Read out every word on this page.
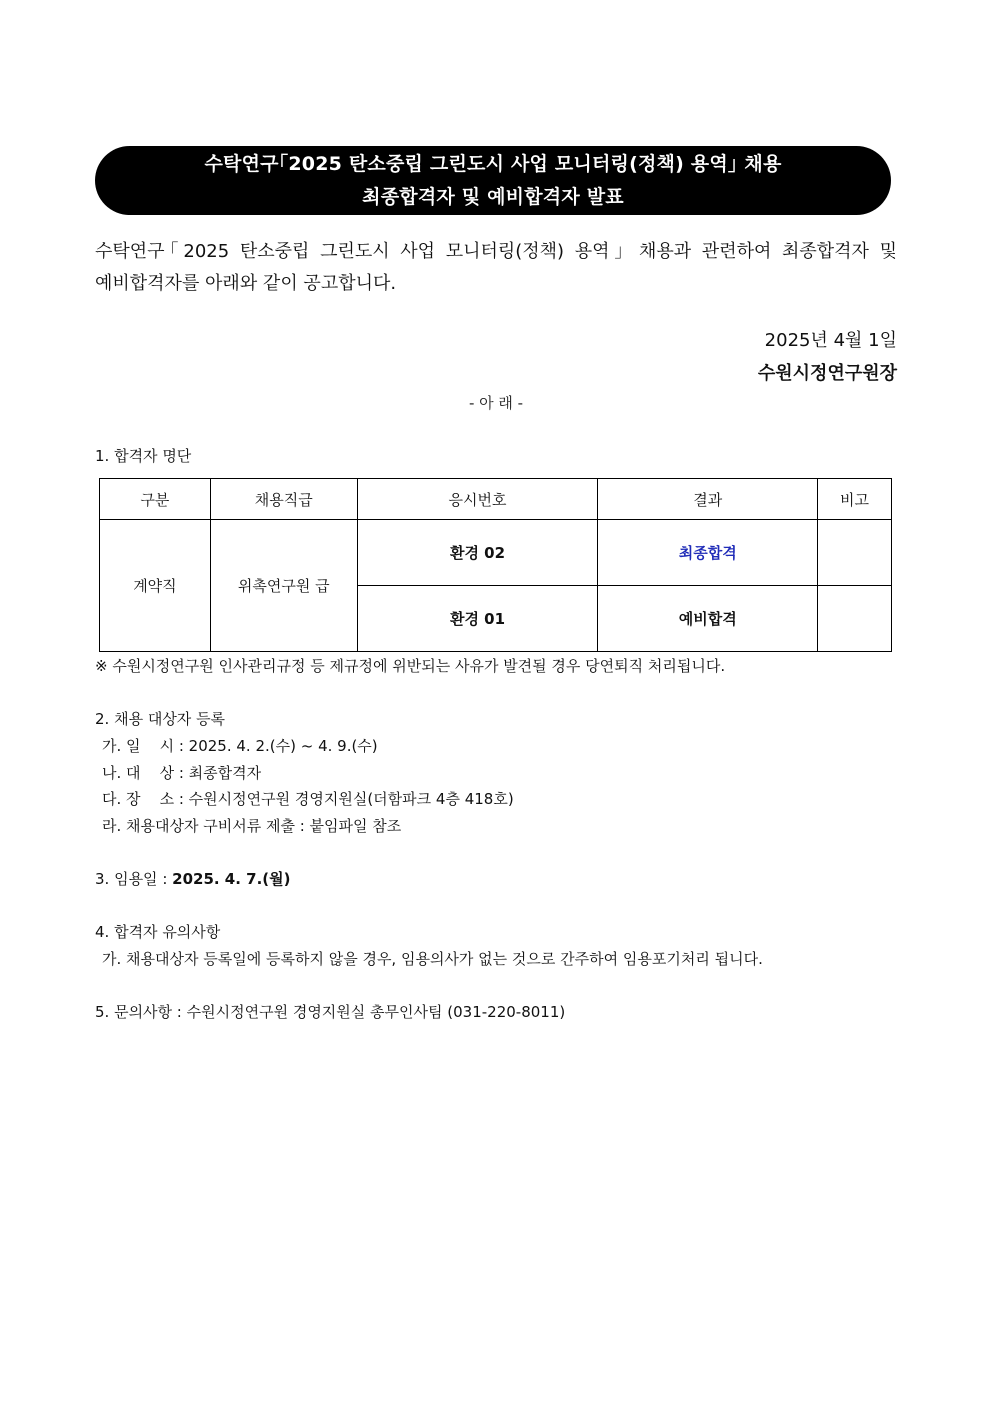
수탁연구｢2025 탄소중립 그린도시 사업 모니터링(정책) 용역｣ 채용
최종합격자 및 예비합격자 발표
수탁연구｢2025 탄소중립 그린도시 사업 모니터링(정책) 용역｣ 채용과 관련하여 최종합격자 및
예비합격자를 아래와 같이 공고합니다.
2025년 4월 1일
수원시정연구원장
- 아 래 -
1. 합격자 명단
구분	채용직급	응시번호	결과	비고
계약직	위촉연구원 급	환경 02	최종합격	
		환경 01	예비합격	
※ 수원시정연구원 인사관리규정 등 제규정에 위반되는 사유가 발견될 경우 당연퇴직 처리됩니다.
2. 채용 대상자 등록
가. 일    시 : 2025. 4. 2.(수) ~ 4. 9.(수)
나. 대    상 : 최종합격자
다. 장    소 : 수원시정연구원 경영지원실(더함파크 4층 418호)
라. 채용대상자 구비서류 제출 : 붙임파일 참조
3. 임용일 : 2025. 4. 7.(월)
4. 합격자 유의사항
가. 채용대상자 등록일에 등록하지 않을 경우, 임용의사가 없는 것으로 간주하여 임용포기처리 됩니다.
5. 문의사항 : 수원시정연구원 경영지원실 총무인사팀 (031-220-8011)
